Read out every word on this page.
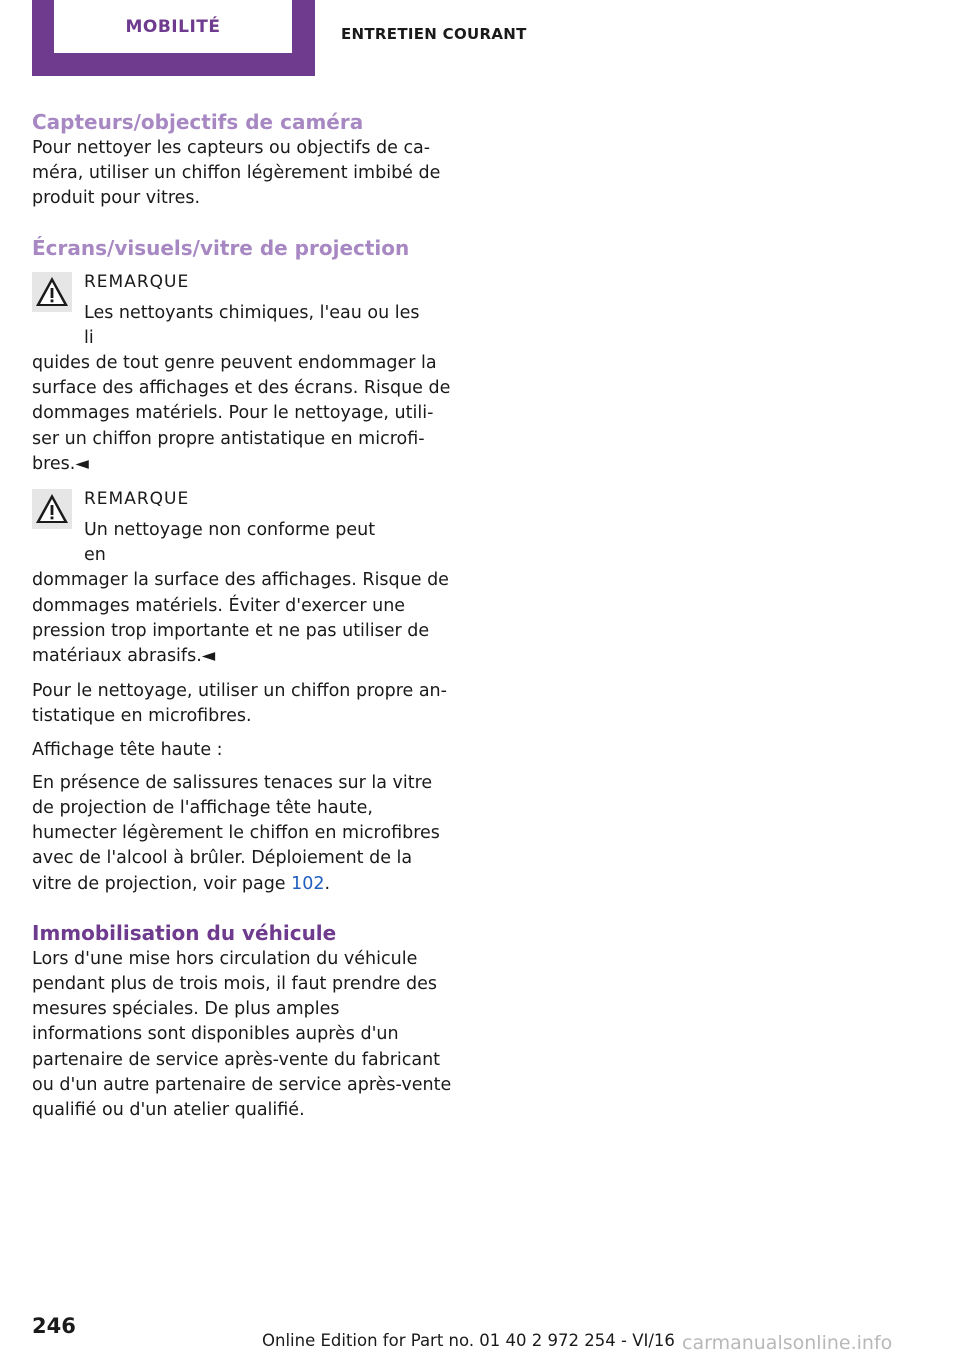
MOBILITÉ	ENTRETIEN COURANT
Capteurs/objectifs de caméra

Pour nettoyer les capteurs ou objectifs de caméra, utiliser un chiffon légèrement imbibé de produit pour vitres.

Écrans/visuels/vitre de projection
REMARQUE
Les nettoyants chimiques, l'eau ou les li
quides de tout genre peuvent endommager la surface des affichages et des écrans. Risque de dommages matériels. Pour le nettoyage, utiliser un chiffon propre antistatique en microfibres.◄
REMARQUE
Un nettoyage non conforme peut en
dommager la surface des affichages. Risque de dommages matériels. Éviter d'exercer une pression trop importante et ne pas utiliser de matériaux abrasifs.◄

Pour le nettoyage, utiliser un chiffon propre antistatique en microfibres.

Affichage tête haute :

En présence de salissures tenaces sur la vitre de projection de l'affichage tête haute, humecter légèrement le chiffon en microfibres avec de l'alcool à brûler. Déploiement de la vitre de projection, voir page 102.

Immobilisation du véhicule

Lors d'une mise hors circulation du véhicule pendant plus de trois mois, il faut prendre des mesures spéciales. De plus amples informations sont disponibles auprès d'un partenaire de service après-vente du fabricant ou d'un autre partenaire de service après-vente qualifié ou d'un atelier qualifié.

246
Online Edition for Part no. 01 40 2 972 254 - VI/16 carmanualsonline.info
